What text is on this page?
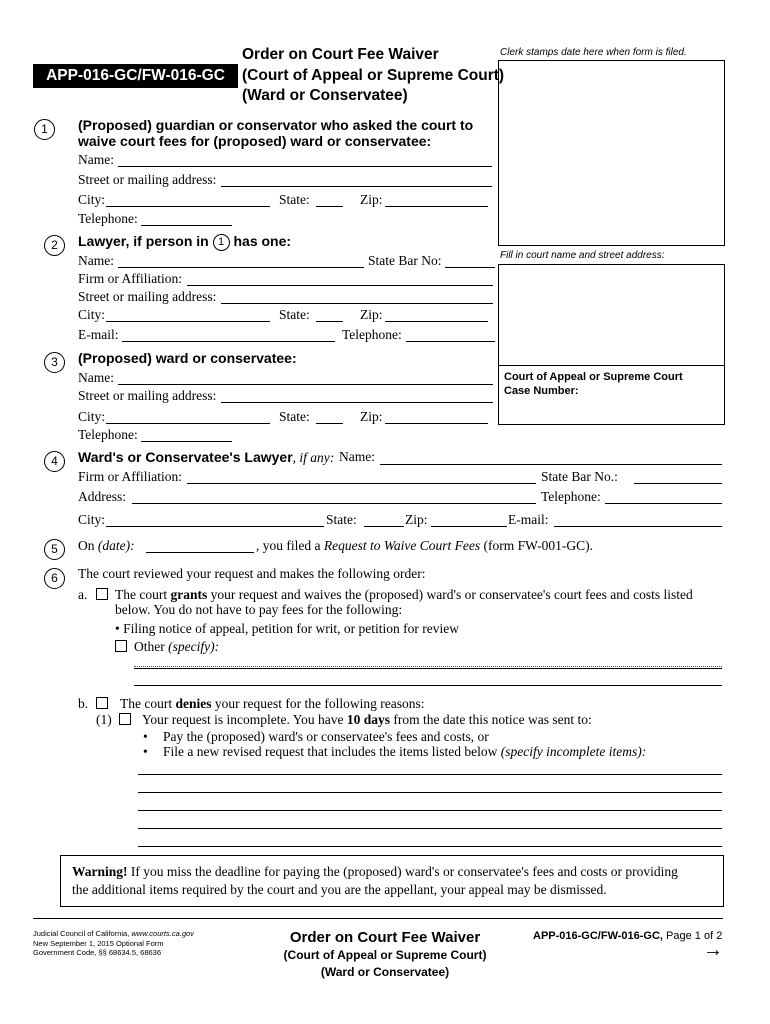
APP-016-GC/FW-016-GC
Order on Court Fee Waiver
(Court of Appeal or Supreme Court)
(Ward or Conservatee)
Clerk stamps date here when form is filed.
Fill in court name and street address:
Court of Appeal or Supreme Court
Case Number:
1	(Proposed) guardian or conservator who asked the court to
waive court fees for (proposed) ward or conservatee:
Name:
Street or mailing address:
City:	State:	Zip:
Telephone:
2	Lawyer, if person in 1 has one:
Name:	State Bar No:
Firm or Affiliation:
Street or mailing address:
City:	State:	Zip:
E-mail:	Telephone:
3	(Proposed) ward or conservatee:
Name:
Street or mailing address:
City:	State:	Zip:
Telephone:
4	Ward's or Conservatee's Lawyer, if any: Name:
Firm or Affiliation:	State Bar No.:
Address:	Telephone:
City:	State:	Zip:	E-mail:
5	On (date):	, you filed a Request to Waive Court Fees (form FW-001-GC).
6	The court reviewed your request and makes the following order:
a. The court grants your request and waives the (proposed) ward's or conservatee's court fees and costs listed
below. You do not have to pay fees for the following:
• Filing notice of appeal, petition for writ, or petition for review
Other (specify):
b. The court denies your request for the following reasons:
(1) Your request is incomplete. You have 10 days from the date this notice was sent to:
• Pay the (proposed) ward's or conservatee's fees and costs, or
• File a new revised request that includes the items listed below (specify incomplete items):
Warning! If you miss the deadline for paying the (proposed) ward's or conservatee's fees and costs or providing
the additional items required by the court and you are the appellant, your appeal may be dismissed.
Judicial Council of California, www.courts.ca.gov
New September 1, 2015 Optional Form
Government Code, §§ 68634.5, 68636
Order on Court Fee Waiver
(Court of Appeal or Supreme Court)
(Ward or Conservatee)
APP-016-GC/FW-016-GC, Page 1 of 2
→
